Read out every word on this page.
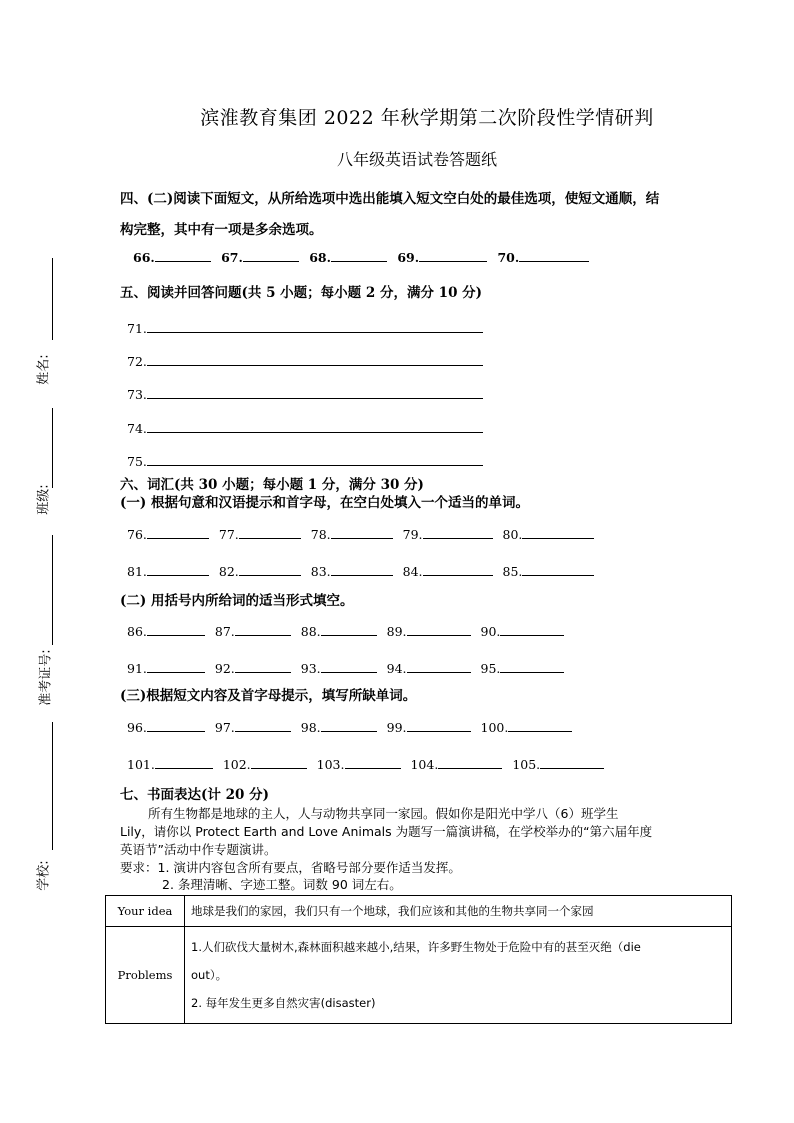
滨淮教育集团 2022 年秋学期第二次阶段性学情研判
八年级英语试卷答题纸
姓名:
班级:
准考证号:
学校:
四、(二)阅读下面短文，从所给选项中选出能填入短文空白处的最佳选项，使短文通顺，结
构完整，其中有一项是多余选项。
66.	67.	68.	69.	70.
五、阅读并回答问题(共 5 小题；每小题 2 分，满分 10 分)
71.
72.
73.
74.
75.
六、词汇(共 30 小题；每小题 1 分，满分 30 分)
(一) 根据句意和汉语提示和首字母，在空白处填入一个适当的单词。
76.	77.	78.	79.	80.
81.	82.	83.	84.	85.
(二) 用括号内所给词的适当形式填空。
86.	87.	88.	89.	90.
91.	92.	93.	94.	95.
(三)根据短文内容及首字母提示，填写所缺单词。
96.	97.	98.	99.	100.
101.	102.	103.	104.	105.
七、书面表达(计 20 分)
所有生物都是地球的主人，人与动物共享同一家园。假如你是阳光中学八（6）班学生
Lily，请你以 Protect Earth and Love Animals 为题写一篇演讲稿，在学校举办的“第六届年度
英语节”活动中作专题演讲。
要求：1. 演讲内容包含所有要点，省略号部分要作适当发挥。
2. 条理清晰、字迹工整。词数 90 词左右。
Your idea	地球是我们的家园，我们只有一个地球，我们应该和其他的生物共享同一个家园
Problems	1.人们砍伐大量树木,森林面积越来越小,结果，许多野生物处于危险中有的甚至灭绝（die
out）。
2. 每年发生更多自然灾害(disaster)
